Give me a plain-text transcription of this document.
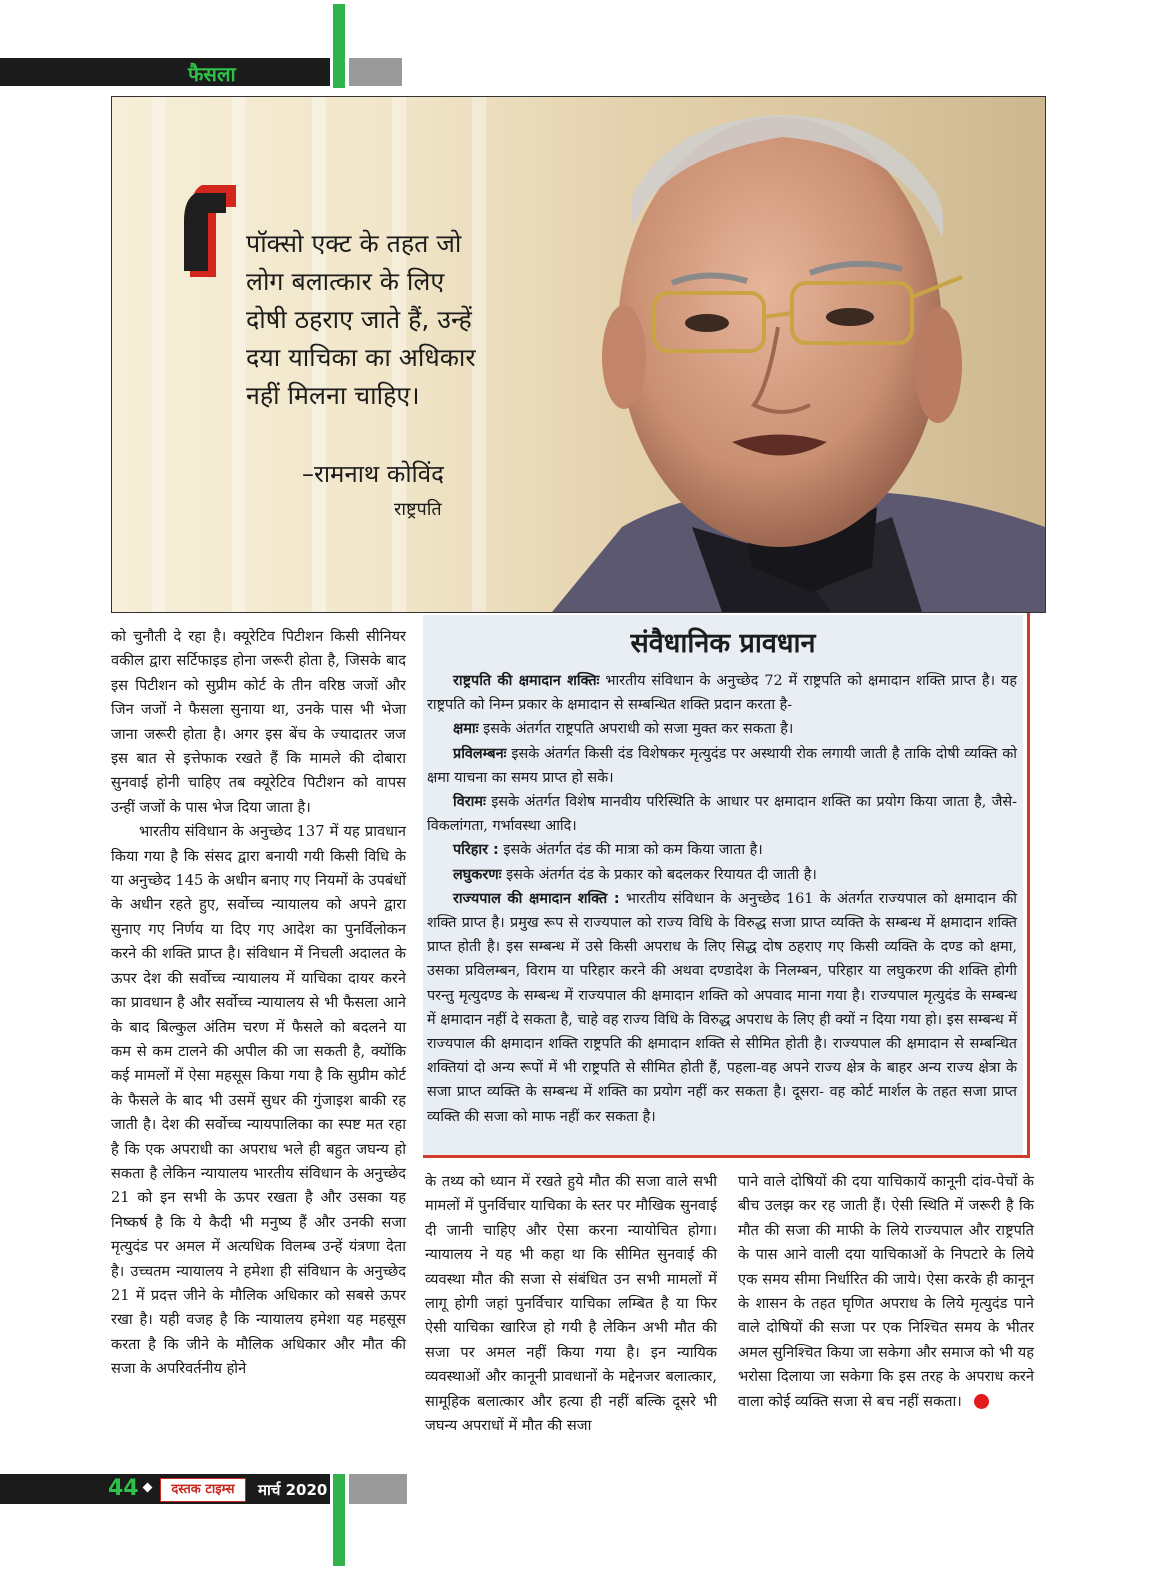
फैसला
पॉक्सो एक्ट के तहत जो लोग बलात्कार के लिए दोषी ठहराए जाते हैं, उन्हें दया याचिका का अधिकार नहीं मिलना चाहिए।
–रामनाथ कोविंद
राष्ट्रपति

को चुनौती दे रहा है। क्यूरेटिव पिटीशन किसी सीनियर वकील द्वारा सर्टिफाइड होना जरूरी होता है, जिसके बाद इस पिटीशन को सुप्रीम कोर्ट के तीन वरिष्ठ जजों और जिन जजों ने फैसला सुनाया था, उनके पास भी भेजा जाना जरूरी होता है। अगर इस बेंच के ज्यादातर जज इस बात से इत्तेफाक रखते हैं कि मामले की दोबारा सुनवाई होनी चाहिए तब क्यूरेटिव पिटीशन को वापस उन्हीं जजों के पास भेज दिया जाता है।

भारतीय संविधान के अनुच्छेद 137 में यह प्रावधान किया गया है कि संसद द्वारा बनायी गयी किसी विधि के या अनुच्छेद 145 के अधीन बनाए गए नियमों के उपबंधों के अधीन रहते हुए, सर्वोच्च न्यायालय को अपने द्वारा सुनाए गए निर्णय या दिए गए आदेश का पुनर्विलोकन करने की शक्ति प्राप्त है। संविधान में निचली अदालत के ऊपर देश की सर्वोच्च न्यायालय में याचिका दायर करने का प्रावधान है और सर्वोच्च न्यायालय से भी फैसला आने के बाद बिल्कुल अंतिम चरण में फैसले को बदलने या कम से कम टालने की अपील की जा सकती है, क्योंकि कई मामलों में ऐसा महसूस किया गया है कि सुप्रीम कोर्ट के फैसले के बाद भी उसमें सुधर की गुंजाइश बाकी रह जाती है। देश की सर्वोच्च न्यायपालिका का स्पष्ट मत रहा है कि एक अपराधी का अपराध भले ही बहुत जघन्य हो सकता है लेकिन न्यायालय भारतीय संविधान के अनुच्छेद 21 को इन सभी के ऊपर रखता है और उसका यह निष्कर्ष है कि ये कैदी भी मनुष्य हैं और उनकी सजा मृत्युदंड पर अमल में अत्यधिक विलम्ब उन्हें यंत्रणा देता है। उच्चतम न्यायालय ने हमेशा ही संविधान के अनुच्छेद 21 में प्रदत्त जीने के मौलिक अधिकार को सबसे ऊपर रखा है। यही वजह है कि न्यायालय हमेशा यह महसूस करता है कि जीने के मौलिक अधिकार और मौत की सजा के अपरिवर्तनीय होने

संवैधानिक प्रावधान

राष्ट्रपति की क्षमादान शक्तिः भारतीय संविधान के अनुच्छेद 72 में राष्ट्रपति को क्षमादान शक्ति प्राप्त है। यह राष्ट्रपति को निम्न प्रकार के क्षमादान से सम्बन्धित शक्ति प्रदान करता है-

क्षमाः इसके अंतर्गत राष्ट्रपति अपराधी को सजा मुक्त कर सकता है।

प्रविलम्बनः इसके अंतर्गत किसी दंड विशेषकर मृत्युदंड पर अस्थायी रोक लगायी जाती है ताकि दोषी व्यक्ति को क्षमा याचना का समय प्राप्त हो सके।

विरामः इसके अंतर्गत विशेष मानवीय परिस्थिति के आधार पर क्षमादान शक्ति का प्रयोग किया जाता है, जैसे- विकलांगता, गर्भावस्था आदि।

परिहार : इसके अंतर्गत दंड की मात्रा को कम किया जाता है।

लघुकरणः इसके अंतर्गत दंड के प्रकार को बदलकर रियायत दी जाती है।

राज्यपाल की क्षमादान शक्ति : भारतीय संविधान के अनुच्छेद 161 के अंतर्गत राज्यपाल को क्षमादान की शक्ति प्राप्त है। प्रमुख रूप से राज्यपाल को राज्य विधि के विरुद्ध सजा प्राप्त व्यक्ति के सम्बन्ध में क्षमादान शक्ति प्राप्त होती है। इस सम्बन्ध में उसे किसी अपराध के लिए सिद्ध दोष ठहराए गए किसी व्यक्ति के दण्ड को क्षमा, उसका प्रविलम्बन, विराम या परिहार करने की अथवा दण्डादेश के निलम्बन, परिहार या लघुकरण की शक्ति होगी परन्तु मृत्युदण्ड के सम्बन्ध में राज्यपाल की क्षमादान शक्ति को अपवाद माना गया है। राज्यपाल मृत्युदंड के सम्बन्ध में क्षमादान नहीं दे सकता है, चाहे वह राज्य विधि के विरुद्ध अपराध के लिए ही क्यों न दिया गया हो। इस सम्बन्ध में राज्यपाल की क्षमादान शक्ति राष्ट्रपति की क्षमादान शक्ति से सीमित होती है। राज्यपाल की क्षमादान से सम्बन्धित शक्तियां दो अन्य रूपों में भी राष्ट्रपति से सीमित होती हैं, पहला-वह अपने राज्य क्षेत्र के बाहर अन्य राज्य क्षेत्रा के सजा प्राप्त व्यक्ति के सम्बन्ध में शक्ति का प्रयोग नहीं कर सकता है। दूसरा- वह कोर्ट मार्शल के तहत सजा प्राप्त व्यक्ति की सजा को माफ नहीं कर सकता है।

के तथ्य को ध्यान में रखते हुये मौत की सजा वाले सभी मामलों में पुनर्विचार याचिका के स्तर पर मौखिक सुनवाई दी जानी चाहिए और ऐसा करना न्यायोचित होगा। न्यायालय ने यह भी कहा था कि सीमित सुनवाई की व्यवस्था मौत की सजा से संबंधित उन सभी मामलों में लागू होगी जहां पुनर्विचार याचिका लम्बित है या फिर ऐसी याचिका खारिज हो गयी है लेकिन अभी मौत की सजा पर अमल नहीं किया गया है। इन न्यायिक व्यवस्थाओं और कानूनी प्रावधानों के मद्देनजर बलात्कार, सामूहिक बलात्कार और हत्या ही नहीं बल्कि दूसरे भी जघन्य अपराधों में मौत की सजा

पाने वाले दोषियों की दया याचिकायें कानूनी दांव-पेचों के बीच उलझ कर रह जाती हैं। ऐसी स्थिति में जरूरी है कि मौत की सजा की माफी के लिये राज्यपाल और राष्ट्रपति के पास आने वाली दया याचिकाओं के निपटारे के लिये एक समय सीमा निर्धारित की जाये। ऐसा करके ही कानून के शासन के तहत घृणित अपराध के लिये मृत्युदंड पाने वाले दोषियों की सजा पर एक निश्चित समय के भीतर अमल सुनिश्चित किया जा सकेगा और समाज को भी यह भरोसा दिलाया जा सकेगा कि इस तरह के अपराध करने वाला कोई व्यक्ति सजा से बच नहीं सकता।

44	दस्तक टाइम्स	मार्च 2020
